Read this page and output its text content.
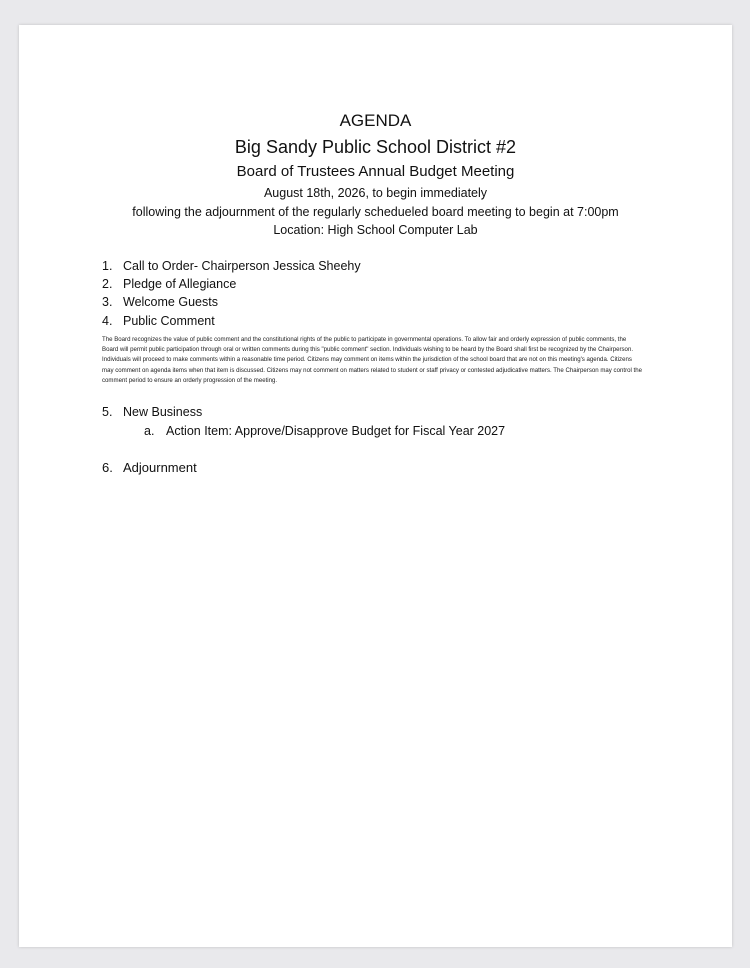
AGENDA
Big Sandy Public School District #2
Board of Trustees Annual Budget Meeting
August 18th, 2026, to begin immediately
following the adjournment of the regularly schedueled board meeting to begin at 7:00pm
Location: High School Computer Lab
1. Call to Order- Chairperson Jessica Sheehy
2. Pledge of Allegiance
3. Welcome Guests
4. Public Comment
The Board recognizes the value of public comment and the constitutional rights of the public to participate in governmental operations. To allow fair and orderly expression of public comments, the Board will permit public participation through oral or written comments during this "public comment" section. Individuals wishing to be heard by the Board shall first be recognized by the Chairperson. Individuals will proceed to make comments within a reasonable time period. Citizens may comment on items within the jurisdiction of the school board that are not on this meeting's agenda. Citizens may comment on agenda items when that item is discussed. Citizens may not comment on matters related to student or staff privacy or contested adjudicative matters. The Chairperson may control the comment period to ensure an orderly progression of the meeting.
5. New Business
a. Action Item: Approve/Disapprove Budget for Fiscal Year 2027
6. Adjournment
